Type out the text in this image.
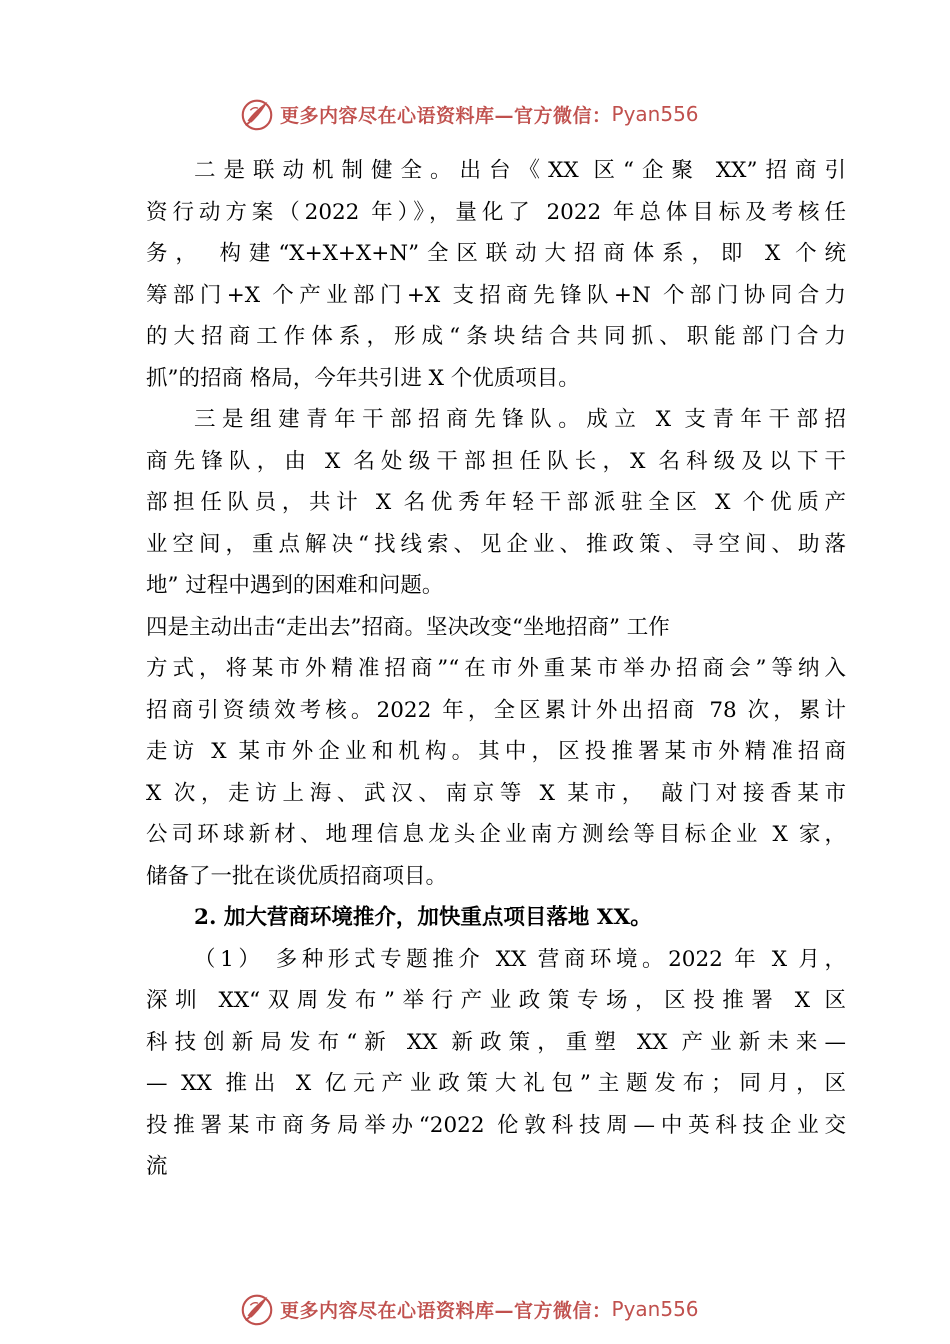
更多内容尽在心语资料库—官方微信： Pyan556
二是联动机制健全。出台《XX 区“企聚 XX”招商引
资行动方案（2022 年）》，量化了 2022 年总体目标及考核任
务， 构建“X+X+X+N”全区联动大招商体系，即 X 个统
筹部门+X 个产业部门+X 支招商先锋队+N 个部门协同合力
的大招商工作体系，形成“条块结合共同抓、职能部门合力
抓”的招商 格局，今年共引进 X 个优质项目。
三是组建青年干部招商先锋队。成立 X 支青年干部招
商先锋队，由 X 名处级干部担任队长，X 名科级及以下干
部担任队员，共计 X 名优秀年轻干部派驻全区 X 个优质产
业空间，重点解决“找线索、见企业、推政策、寻空间、助落
地” 过程中遇到的困难和问题。
四是主动出击“走出去”招商。坚决改变“坐地招商” 工作
方式，将某市外精准招商”“在市外重某市举办招商会”等纳入
招商引资绩效考核。2022 年，全区累计外出招商 78 次，累计
走访 X 某市外企业和机构。其中，区投推署某市外精准招商
X 次，走访上海、武汉、南京等 X 某市， 敲门对接香某市
公司环球新材、地理信息龙头企业南方测绘等目标企业 X 家，
储备了一批在谈优质招商项目。
2. 加大营商环境推介，加快重点项目落地 XX。
（1） 多种形式专题推介 XX 营商环境。2022 年 X 月，
深圳 XX“双周发布”举行产业政策专场，区投推署 X 区
科技创新局发布“新 XX 新政策，重塑 XX 产业新未来—
— XX 推出 X 亿元产业政策大礼包”主题发布；同月，区
投推署某市商务局举办“2022 伦敦科技周—中英科技企业交
流
更多内容尽在心语资料库—官方微信： Pyan556
